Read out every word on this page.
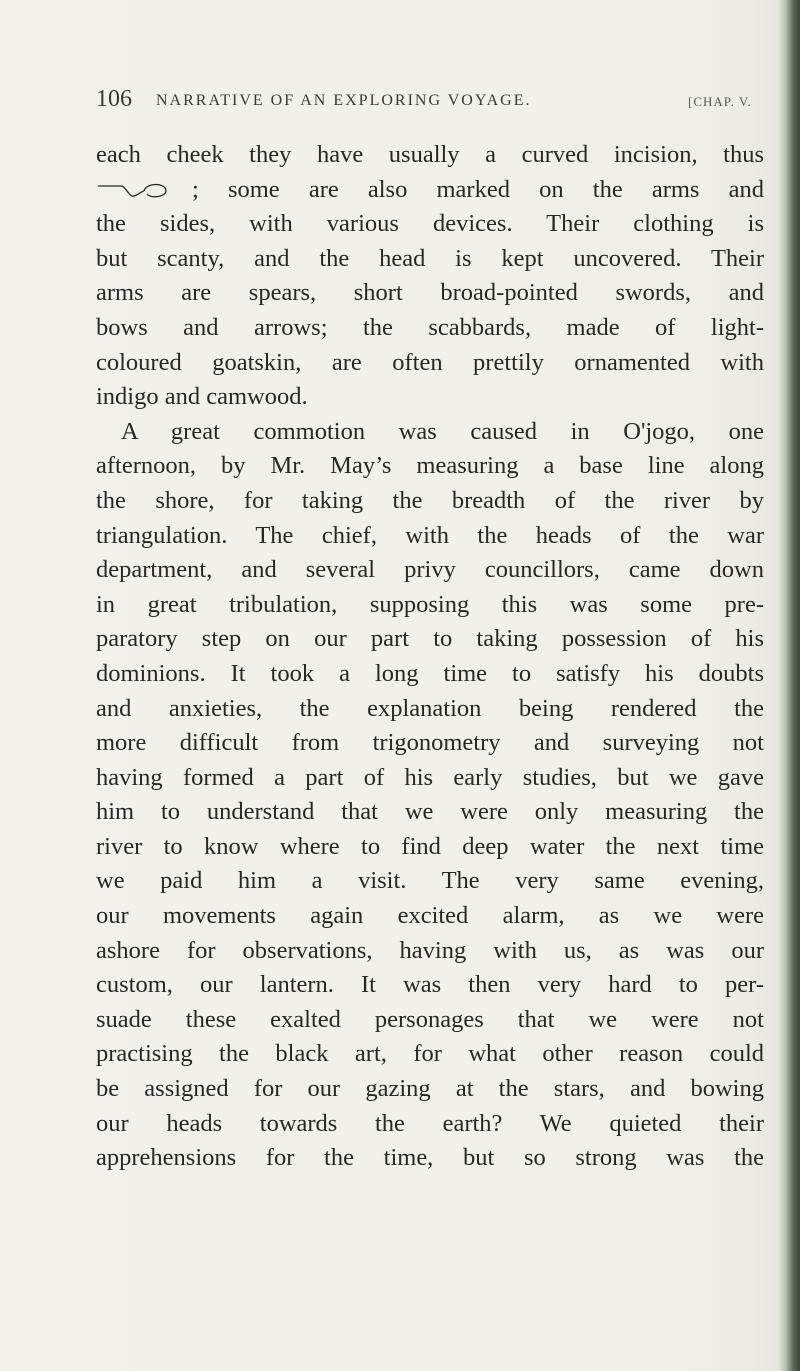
106 NARRATIVE OF AN EXPLORING VOYAGE.	[CHAP. V.
each cheek they have usually a curved incision, thus
; some are also marked on the arms and
the sides, with various devices. Their clothing is
but scanty, and the head is kept uncovered. Their
arms are spears, short broad-pointed swords, and
bows and arrows; the scabbards, made of light-
coloured goatskin, are often prettily ornamented with
indigo and camwood.
A great commotion was caused in O'jogo, one
afternoon, by Mr. May’s measuring a base line along
the shore, for taking the breadth of the river by
triangulation. The chief, with the heads of the war
department, and several privy councillors, came down
in great tribulation, supposing this was some pre-
paratory step on our part to taking possession of his
dominions. It took a long time to satisfy his doubts
and anxieties, the explanation being rendered the
more difficult from trigonometry and surveying not
having formed a part of his early studies, but we gave
him to understand that we were only measuring the
river to know where to find deep water the next time
we paid him a visit. The very same evening,
our movements again excited alarm, as we were
ashore for observations, having with us, as was our
custom, our lantern. It was then very hard to per-
suade these exalted personages that we were not
practising the black art, for what other reason could
be assigned for our gazing at the stars, and bowing
our heads towards the earth? We quieted their
apprehensions for the time, but so strong was the
